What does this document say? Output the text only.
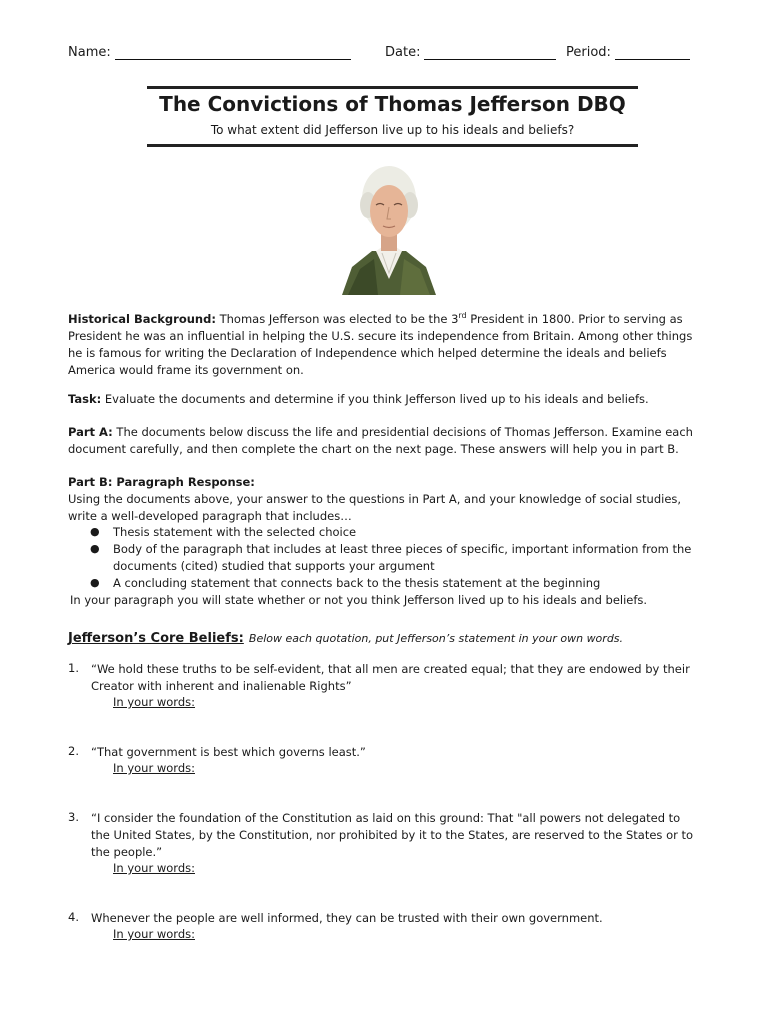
Name:	Date:	Period:
The Convictions of Thomas Jefferson DBQ
To what extent did Jefferson live up to his ideals and beliefs?
Historical Background: Thomas Jefferson was elected to be the 3rd President in 1800. Prior to serving as President he was an influential in helping the U.S. secure its independence from Britain. Among other things he is famous for writing the Declaration of Independence which helped determine the ideals and beliefs America would frame its government on.
Task: Evaluate the documents and determine if you think Jefferson lived up to his ideals and beliefs.
Part A: The documents below discuss the life and presidential decisions of Thomas Jefferson. Examine each document carefully, and then complete the chart on the next page. These answers will help you in part B.
Part B: Paragraph Response:
Using the documents above, your answer to the questions in Part A, and your knowledge of social studies, write a well-developed paragraph that includes…
● Thesis statement with the selected choice
● Body of the paragraph that includes at least three pieces of specific, important information from the documents (cited) studied that supports your argument
● A concluding statement that connects back to the thesis statement at the beginning
In your paragraph you will state whether or not you think Jefferson lived up to his ideals and beliefs.
Jefferson’s Core Beliefs: Below each quotation, put Jefferson’s statement in your own words.
1. “We hold these truths to be self-evident, that all men are created equal; that they are endowed by their Creator with inherent and inalienable Rights”
In your words:
2. “That government is best which governs least.”
In your words:
3. “I consider the foundation of the Constitution as laid on this ground: That "all powers not delegated to the United States, by the Constitution, nor prohibited by it to the States, are reserved to the States or to the people.”
In your words:
4. Whenever the people are well informed, they can be trusted with their own government.
In your words:
